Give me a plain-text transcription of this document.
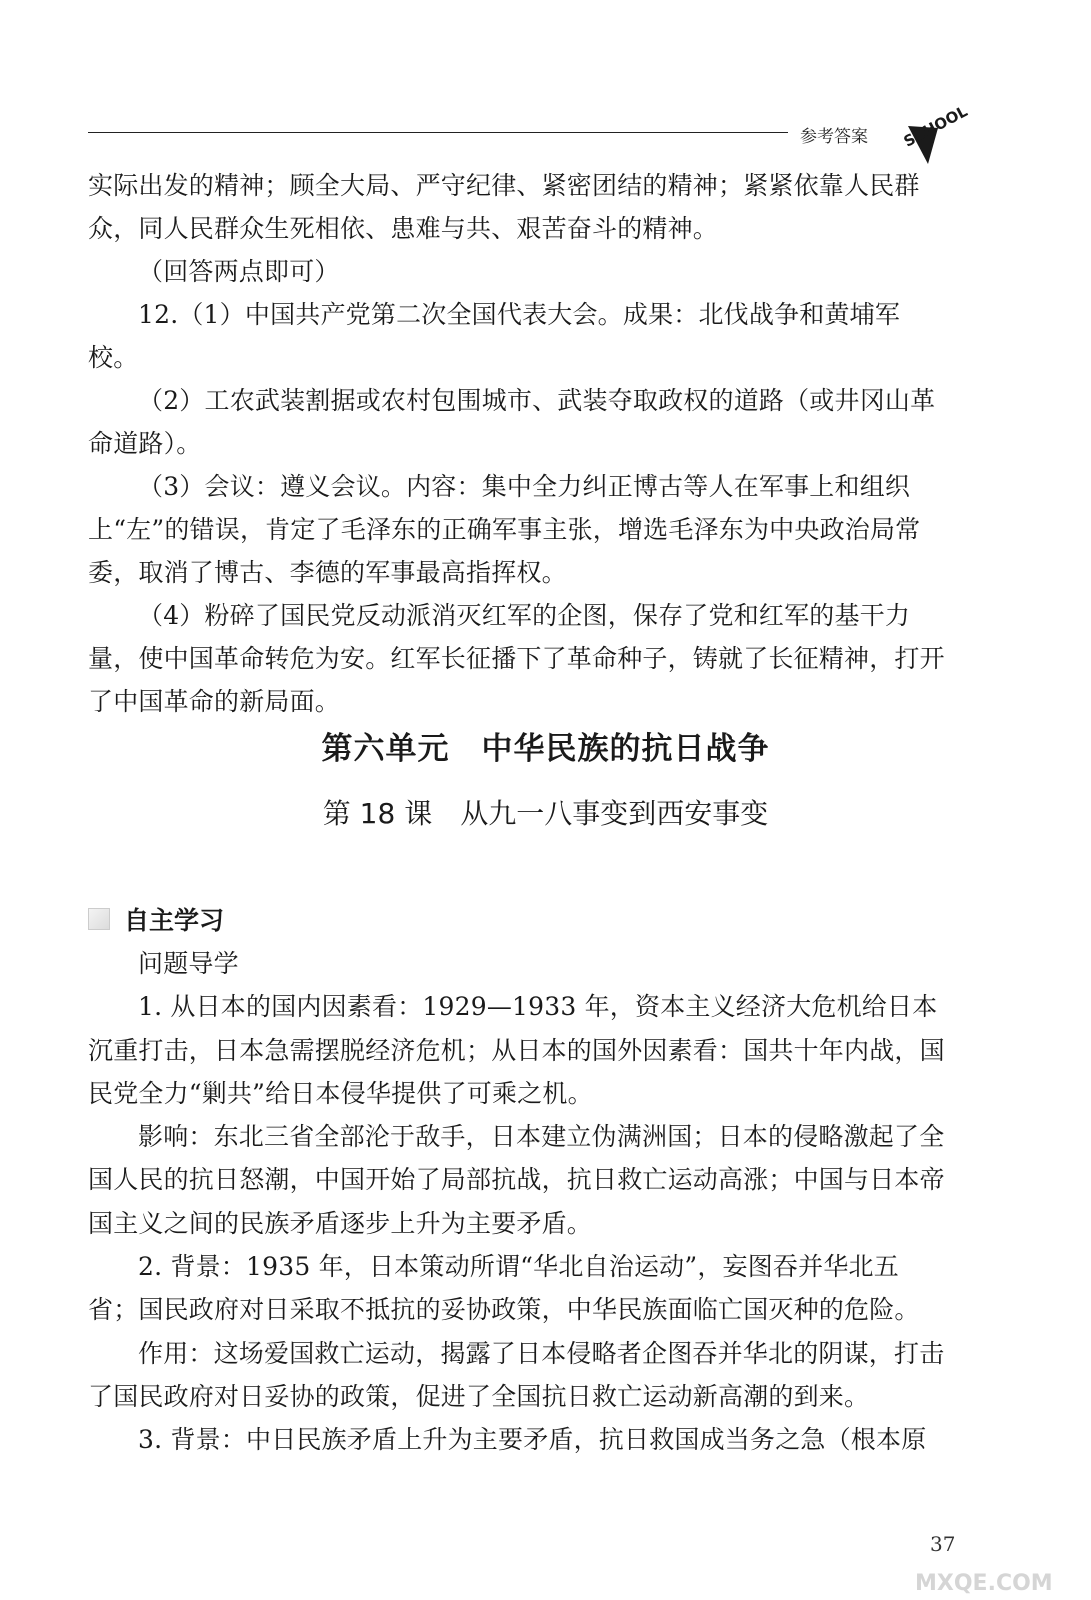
参考答案 SCHOOL

实际出发的精神；顾全大局、严守纪律、紧密团结的精神；紧紧依靠人民群众，同人民群众生死相依、患难与共、艰苦奋斗的精神。

（回答两点即可）

12.（1）中国共产党第二次全国代表大会。成果：北伐战争和黄埔军校。

（2）工农武装割据或农村包围城市、武装夺取政权的道路（或井冈山革命道路）。

（3）会议：遵义会议。内容：集中全力纠正博古等人在军事上和组织上“左”的错误，肯定了毛泽东的正确军事主张，增选毛泽东为中央政治局常委，取消了博古、李德的军事最高指挥权。

（4）粉碎了国民党反动派消灭红军的企图，保存了党和红军的基干力量，使中国革命转危为安。红军长征播下了革命种子，铸就了长征精神，打开了中国革命的新局面。

第六单元　中华民族的抗日战争
第 18 课　从九一八事变到西安事变
自主学习

问题导学

1. 从日本的国内因素看：1929—1933 年，资本主义经济大危机给日本沉重打击，日本急需摆脱经济危机；从日本的国外因素看：国共十年内战，国民党全力“剿共”给日本侵华提供了可乘之机。

影响：东北三省全部沦于敌手，日本建立伪满洲国；日本的侵略激起了全国人民的抗日怒潮，中国开始了局部抗战，抗日救亡运动高涨；中国与日本帝国主义之间的民族矛盾逐步上升为主要矛盾。

2. 背景：1935 年，日本策动所谓“华北自治运动”，妄图吞并华北五省；国民政府对日采取不抵抗的妥协政策，中华民族面临亡国灭种的危险。

作用：这场爱国救亡运动，揭露了日本侵略者企图吞并华北的阴谋，打击了国民政府对日妥协的政策，促进了全国抗日救亡运动新高潮的到来。

3. 背景：中日民族矛盾上升为主要矛盾，抗日救国成当务之急（根本原

37
MXQE.COM
